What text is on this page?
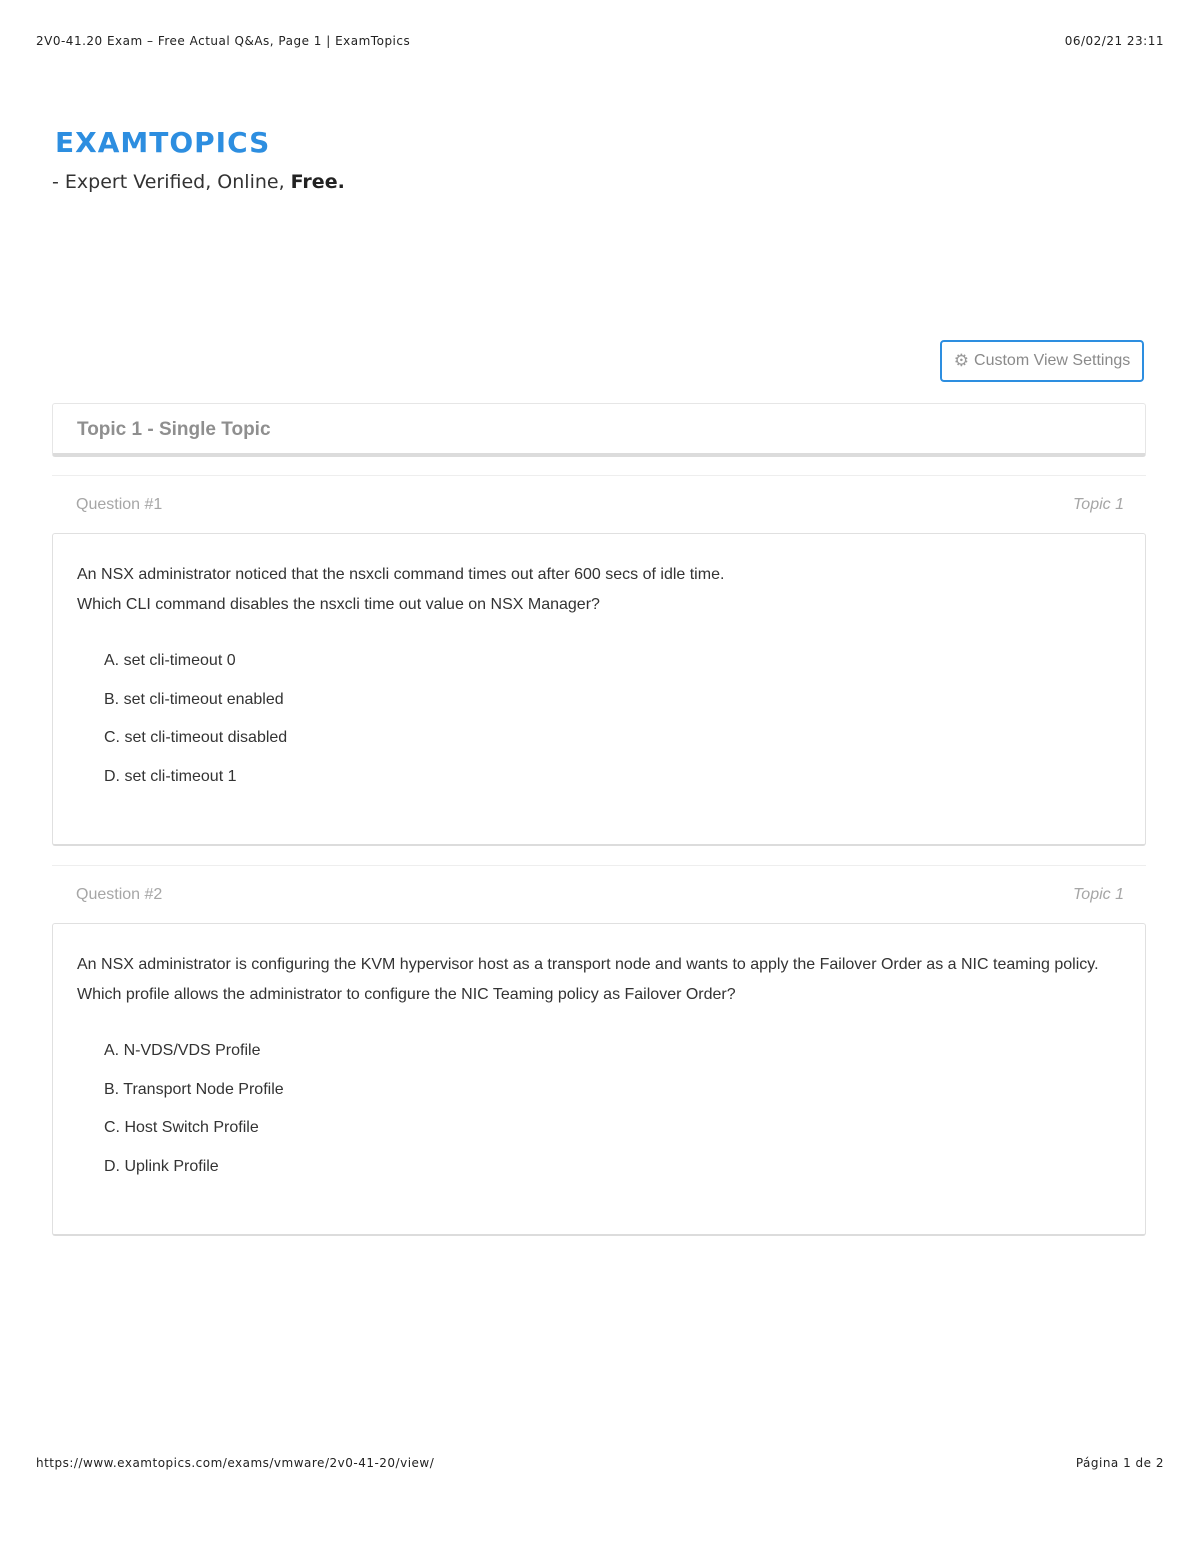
2V0-41.20 Exam – Free Actual Q&As, Page 1 | ExamTopics	06/02/21 23:11
EXAMTOPICS
- Expert Verified, Online, Free.
⚙ Custom View Settings
Topic 1 - Single Topic
Question #1	Topic 1
An NSX administrator noticed that the nsxcli command times out after 600 secs of idle time.
Which CLI command disables the nsxcli time out value on NSX Manager?
A. set cli-timeout 0
B. set cli-timeout enabled
C. set cli-timeout disabled
D. set cli-timeout 1
Question #2	Topic 1
An NSX administrator is configuring the KVM hypervisor host as a transport node and wants to apply the Failover Order as a NIC teaming policy.
Which profile allows the administrator to configure the NIC Teaming policy as Failover Order?
A. N-VDS/VDS Profile
B. Transport Node Profile
C. Host Switch Profile
D. Uplink Profile
https://www.examtopics.com/exams/vmware/2v0-41-20/view/	Página 1 de 2
